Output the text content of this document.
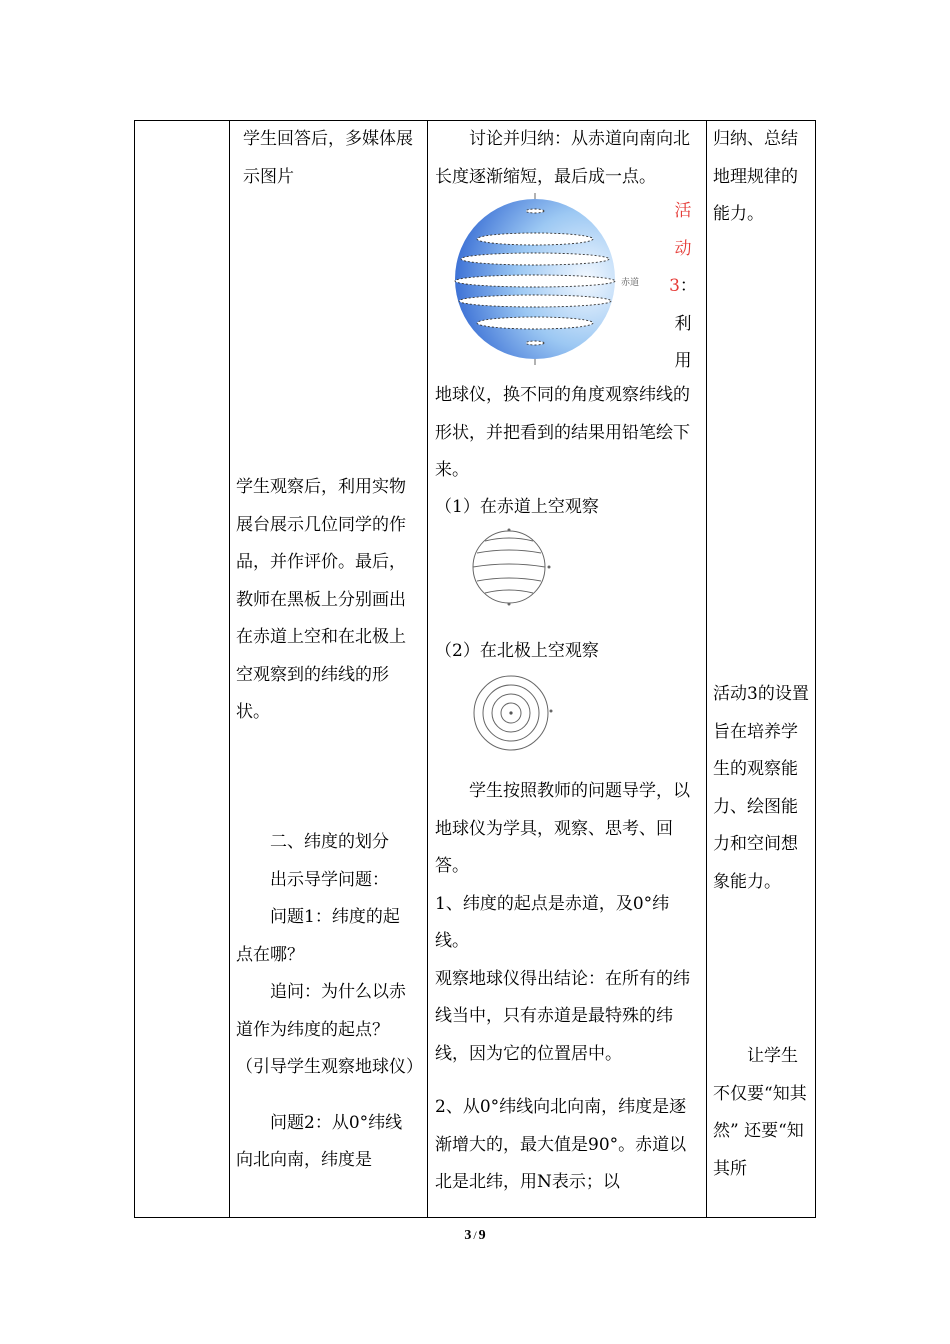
学生回答后，多媒体展示图片

学生观察后，利用实物展台展示几位同学的作品，并作评价。最后，教师在黑板上分别画出在赤道上空和在北极上空观察到的纬线的形状。

二、纬度的划分

出示导学问题：

问题1：纬度的起点在哪？

追问：为什么以赤道作为纬度的起点？（引导学生观察地球仪）

问题2：从0°纬线向北向南，纬度是

讨论并归纳：从赤道向南向北长度逐渐缩短，最后成一点。

赤道

活

动

3：

利

用

地球仪，换不同的角度观察纬线的形状，并把看到的结果用铅笔绘下来。

（1）在赤道上空观察

（2）在北极上空观察

学生按照教师的问题导学，以地球仪为学具，观察、思考、回答。

1、纬度的起点是赤道，及0°纬线。

观察地球仪得出结论：在所有的纬线当中，只有赤道是最特殊的纬线，因为它的位置居中。

2、从0°纬线向北向南，纬度是逐渐增大的，最大值是90°。赤道以北是北纬，用N表示；以

归纳、总结地理规律的能力。

活动3的设置旨在培养学生的观察能力、绘图能力和空间想象能力。

让学生不仅要“知其然” 还要“知其所

3 / 9
